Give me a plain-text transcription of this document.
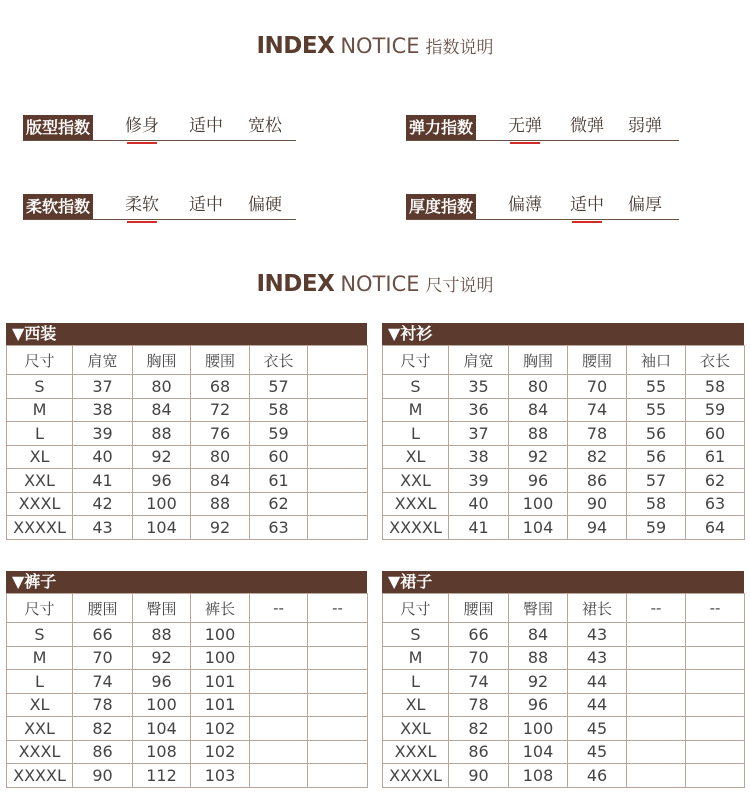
INDEX NOTICE 指数说明
版型指数 修身 适中 宽松	弹力指数 无弹 微弹 弱弹
柔软指数 柔软 适中 偏硬	厚度指数 偏薄 适中 偏厚
INDEX NOTICE 尺寸说明
▼西装
尺寸	肩宽	胸围	腰围	衣长	
S	37	80	68	57	
M	38	84	72	58	
L	39	88	76	59	
XL	40	92	80	60	
XXL	41	96	84	61	
XXXL	42	100	88	62	
XXXXL	43	104	92	63	
▼衬衫
尺寸	肩宽	胸围	腰围	袖口	衣长
S	35	80	70	55	58
M	36	84	74	55	59
L	37	88	78	56	60
XL	38	92	82	56	61
XXL	39	96	86	57	62
XXXL	40	100	90	58	63
XXXXL	41	104	94	59	64
▼裤子
尺寸	腰围	臀围	裤长	--	--
S	66	88	100		
M	70	92	100		
L	74	96	101		
XL	78	100	101		
XXL	82	104	102		
XXXL	86	108	102		
XXXXL	90	112	103		
▼裙子
尺寸	腰围	臀围	裙长	--	--
S	66	84	43		
M	70	88	43		
L	74	92	44		
XL	78	96	44		
XXL	82	100	45		
XXXL	86	104	45		
XXXXL	90	108	46		
